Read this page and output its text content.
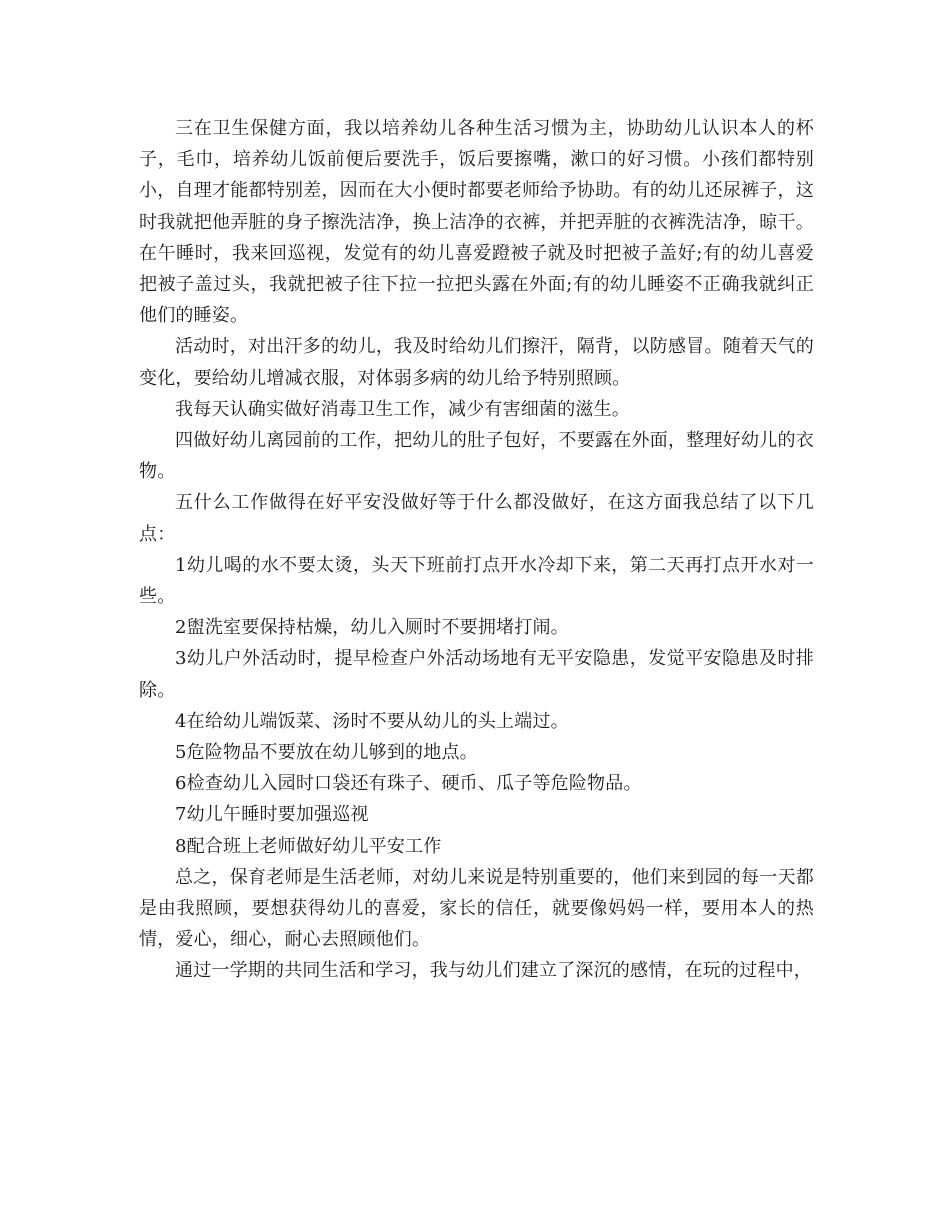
三在卫生保健方面，我以培养幼儿各种生活习惯为主，协助幼儿认识本人的杯子，毛巾，培养幼儿饭前便后要洗手，饭后要擦嘴，漱口的好习惯。小孩们都特别小，自理才能都特别差，因而在大小便时都要老师给予协助。有的幼儿还尿裤子，这时我就把他弄脏的身子擦洗洁净，换上洁净的衣裤，并把弄脏的衣裤洗洁净，晾干。在午睡时，我来回巡视，发觉有的幼儿喜爱蹬被子就及时把被子盖好;有的幼儿喜爱把被子盖过头，我就把被子往下拉一拉把头露在外面;有的幼儿睡姿不正确我就纠正他们的睡姿。

活动时，对出汗多的幼儿，我及时给幼儿们擦汗，隔背，以防感冒。随着天气的变化，要给幼儿增减衣服，对体弱多病的幼儿给予特别照顾。

我每天认确实做好消毒卫生工作，减少有害细菌的滋生。

四做好幼儿离园前的工作，把幼儿的肚子包好，不要露在外面，整理好幼儿的衣物。

五什么工作做得在好平安没做好等于什么都没做好，在这方面我总结了以下几点：

1幼儿喝的水不要太烫，头天下班前打点开水冷却下来，第二天再打点开水对一些。

2盥洗室要保持枯燥，幼儿入厕时不要拥堵打闹。

3幼儿户外活动时，提早检查户外活动场地有无平安隐患，发觉平安隐患及时排除。

4在给幼儿端饭菜、汤时不要从幼儿的头上端过。

5危险物品不要放在幼儿够到的地点。

6检查幼儿入园时口袋还有珠子、硬币、瓜子等危险物品。

7幼儿午睡时要加强巡视

8配合班上老师做好幼儿平安工作

总之，保育老师是生活老师，对幼儿来说是特别重要的，他们来到园的每一天都是由我照顾，要想获得幼儿的喜爱，家长的信任，就要像妈妈一样，要用本人的热情，爱心，细心，耐心去照顾他们。

通过一学期的共同生活和学习，我与幼儿们建立了深沉的感情，在玩的过程中，
